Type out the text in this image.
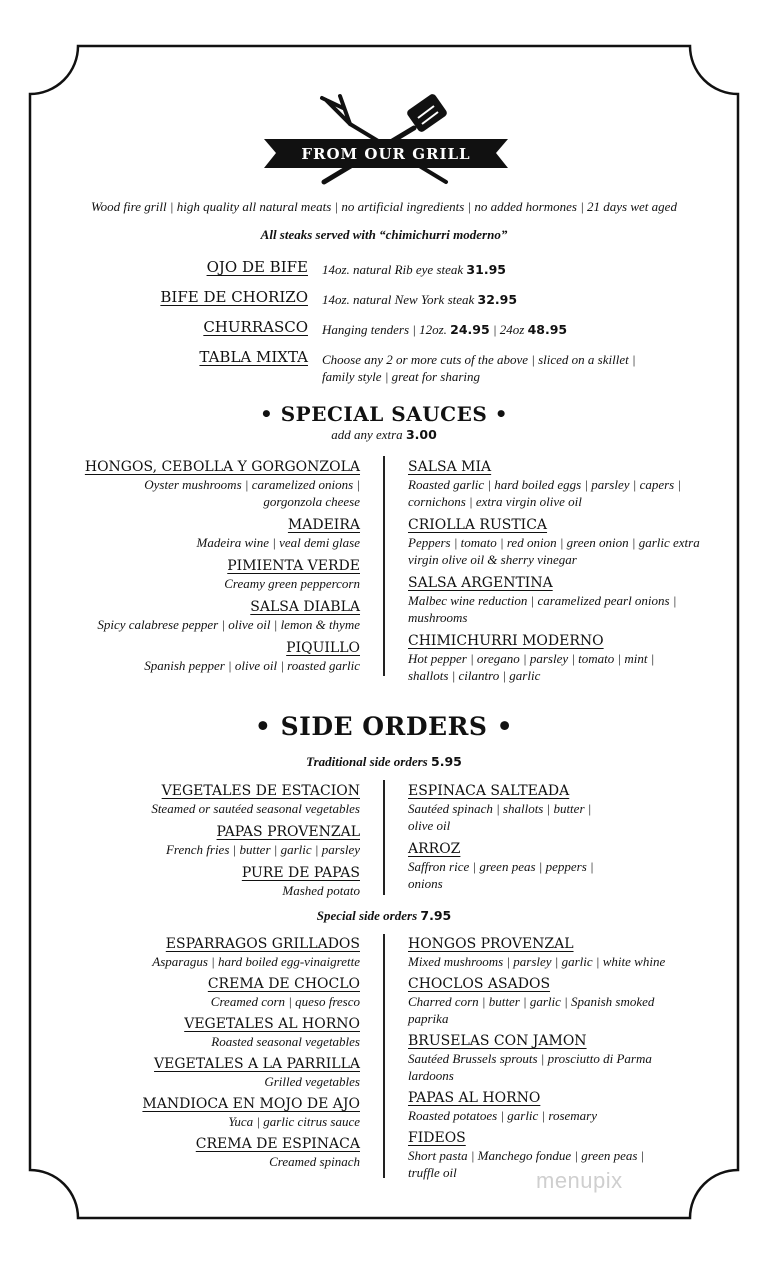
FROM OUR GRILL
Wood fire grill | high quality all natural meats | no artificial ingredients | no added hormones | 21 days wet aged
All steaks served with “chimichurri moderno”
OJO DE BIFE 14oz. natural Rib eye steak 31.95
BIFE DE CHORIZO 14oz. natural New York steak 32.95
CHURRASCO Hanging tenders | 12oz. 24.95 | 24oz 48.95
TABLA MIXTA Choose any 2 or more cuts of the above | sliced on a skillet |
family style | great for sharing
• SPECIAL SAUCES •
add any extra 3.00
HONGOS, CEBOLLA Y GORGONZOLA
Oyster mushrooms | caramelized onions |
gorgonzola cheese
MADEIRA
Madeira wine | veal demi glase
PIMIENTA VERDE
Creamy green peppercorn
SALSA DIABLA
Spicy calabrese pepper | olive oil | lemon & thyme
PIQUILLO
Spanish pepper | olive oil | roasted garlic
SALSA MIA
Roasted garlic | hard boiled eggs | parsley | capers |
cornichons | extra virgin olive oil
CRIOLLA RUSTICA
Peppers | tomato | red onion | green onion | garlic extra
virgin olive oil & sherry vinegar
SALSA ARGENTINA
Malbec wine reduction | caramelized pearl onions |
mushrooms
CHIMICHURRI MODERNO
Hot pepper | oregano | parsley | tomato | mint |
shallots | cilantro | garlic
• SIDE ORDERS •
Traditional side orders 5.95
VEGETALES DE ESTACION
Steamed or sautéed seasonal vegetables
PAPAS PROVENZAL
French fries | butter | garlic | parsley
PURE DE PAPAS
Mashed potato
ESPINACA SALTEADA
Sautéed spinach | shallots | butter |
olive oil
ARROZ
Saffron rice | green peas | peppers |
onions
Special side orders 7.95
ESPARRAGOS GRILLADOS
Asparagus | hard boiled egg-vinaigrette
CREMA DE CHOCLO
Creamed corn | queso fresco
VEGETALES AL HORNO
Roasted seasonal vegetables
VEGETALES A LA PARRILLA
Grilled vegetables
MANDIOCA EN MOJO DE AJO
Yuca | garlic citrus sauce
CREMA DE ESPINACA
Creamed spinach
HONGOS PROVENZAL
Mixed mushrooms | parsley | garlic | white whine
CHOCLOS ASADOS
Charred corn | butter | garlic | Spanish smoked
paprika
BRUSELAS CON JAMON
Sautéed Brussels sprouts | prosciutto di Parma
lardoons
PAPAS AL HORNO
Roasted potatoes | garlic | rosemary
FIDEOS
Short pasta | Manchego fondue | green peas |
truffle oil	menupix
